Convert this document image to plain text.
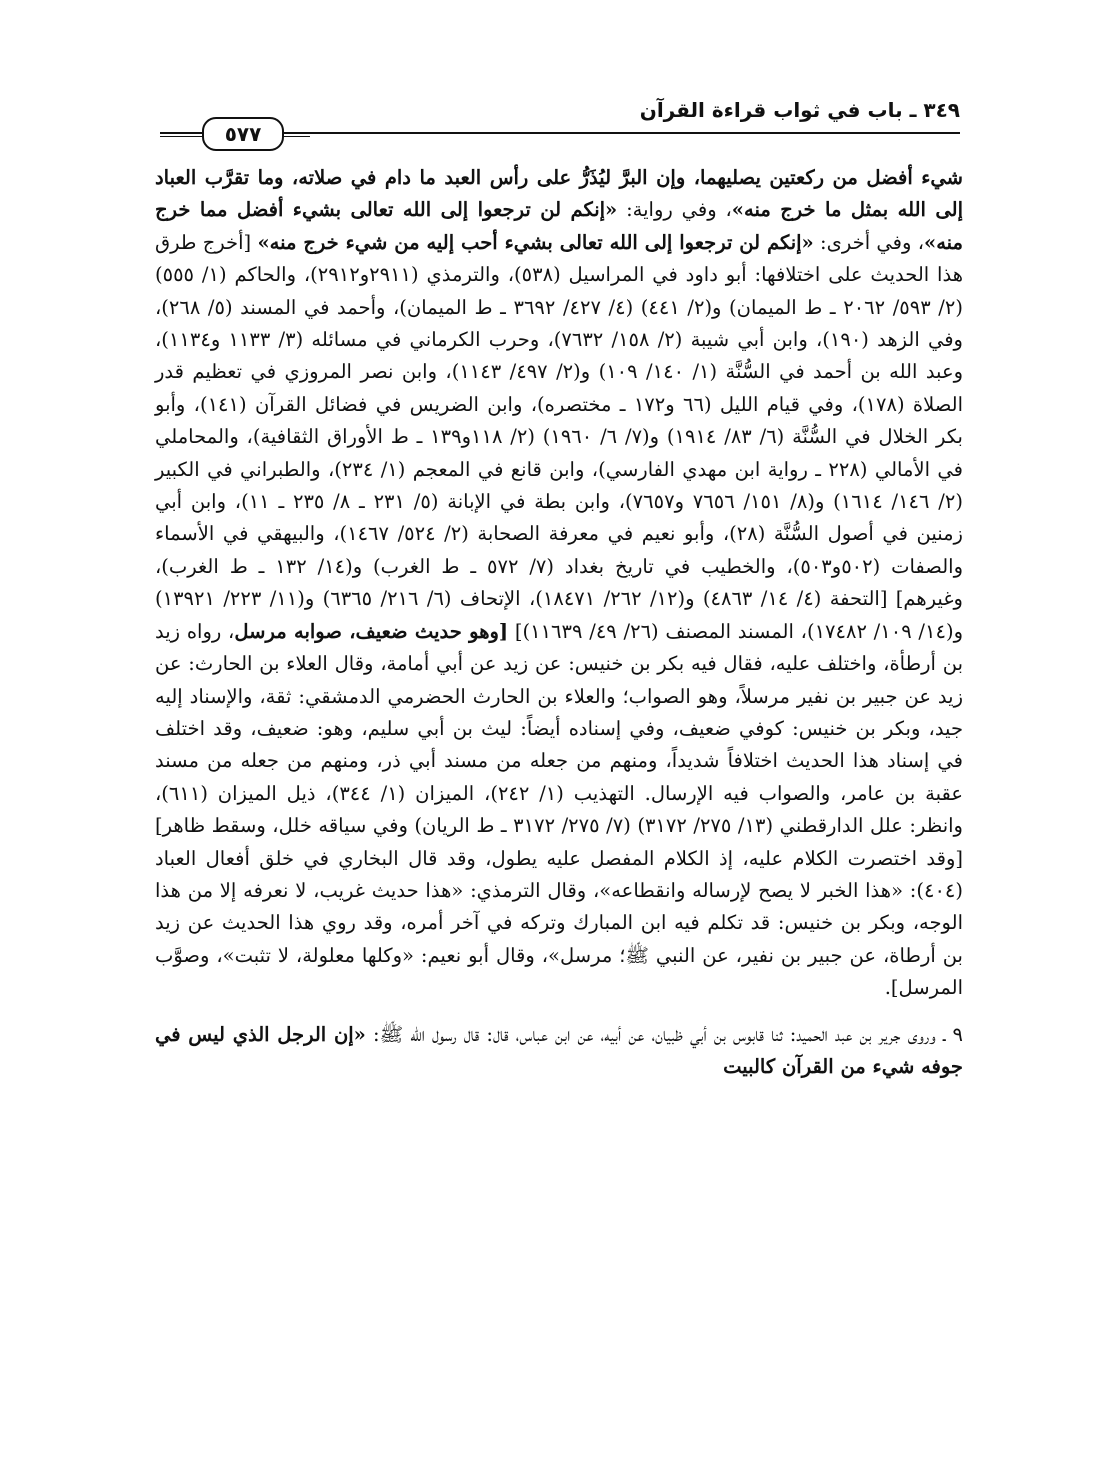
٣٤٩ ـ باب في ثواب قراءة القرآن
٥٧٧

شيء أفضل من ركعتين يصليهما، وإن البرَّ ليُذَرُّ على رأس العبد ما دام في صلاته، وما تقرَّب العباد إلى الله بمثل ما خرج منه»، وفي رواية: «إنكم لن ترجعوا إلى الله تعالى بشيء أفضل مما خرج منه»، وفي أخرى: «إنكم لن ترجعوا إلى الله تعالى بشيء أحب إليه من شيء خرج منه» [أخرج طرق هذا الحديث على اختلافها: أبو داود في المراسيل (٥٣٨)، والترمذي (٢٩١١و٢٩١٢)، والحاكم (١/ ٥٥٥) (٢/ ٥٩٣/ ٢٠٦٢ ـ ط الميمان) و(٢/ ٤٤١) (٤/ ٤٢٧/ ٣٦٩٢ ـ ط الميمان)، وأحمد في المسند (٥/ ٢٦٨)، وفي الزهد (١٩٠)، وابن أبي شيبة (٢/ ١٥٨/ ٧٦٣٢)، وحرب الكرماني في مسائله (٣/ ١١٣٣ و١١٣٤)، وعبد الله بن أحمد في السُّنَّة (١/ ١٤٠/ ١٠٩) و(٢/ ٤٩٧/ ١١٤٣)، وابن نصر المروزي في تعظيم قدر الصلاة (١٧٨)، وفي قيام الليل (٦٦ و١٧٢ ـ مختصره)، وابن الضريس في فضائل القرآن (١٤١)، وأبو بكر الخلال في السُّنَّة (٦/ ٨٣/ ١٩١٤) و(٧/ ٦/ ١٩٦٠) (٢/ ١١٨و١٣٩ ـ ط الأوراق الثقافية)، والمحاملي في الأمالي (٢٢٨ ـ رواية ابن مهدي الفارسي)، وابن قانع في المعجم (١/ ٢٣٤)، والطبراني في الكبير (٢/ ١٤٦/ ١٦١٤) و(٨/ ١٥١/ ٧٦٥٦ و٧٦٥٧)، وابن بطة في الإبانة (٥/ ٢٣١ ـ ٨/ ٢٣٥ ـ ١١)، وابن أبي زمنين في أصول السُّنَّة (٢٨)، وأبو نعيم في معرفة الصحابة (٢/ ٥٢٤/ ١٤٦٧)، والبيهقي في الأسماء والصفات (٥٠٢و٥٠٣)، والخطيب في تاريخ بغداد (٧/ ٥٧٢ ـ ط الغرب) و(١٤/ ١٣٢ ـ ط الغرب)، وغيرهم] [التحفة (٤/ ١٤/ ٤٨٦٣) و(١٢/ ٢٦٢/ ١٨٤٧١)، الإتحاف (٦/ ٢١٦/ ٦٣٦٥) و(١١/ ٢٢٣/ ١٣٩٢١) و(١٤/ ١٠٩/ ١٧٤٨٢)، المسند المصنف (٢٦/ ٤٩/ ١١٦٣٩)] [وهو حديث ضعيف، صوابه مرسل، رواه زيد بن أرطأة، واختلف عليه، فقال فيه بكر بن خنيس: عن زيد عن أبي أمامة، وقال العلاء بن الحارث: عن زيد عن جبير بن نفير مرسلاً، وهو الصواب؛ والعلاء بن الحارث الحضرمي الدمشقي: ثقة، والإسناد إليه جيد، وبكر بن خنيس: كوفي ضعيف، وفي إسناده أيضاً: ليث بن أبي سليم، وهو: ضعيف، وقد اختلف في إسناد هذا الحديث اختلافاً شديداً، ومنهم من جعله من مسند أبي ذر، ومنهم من جعله من مسند عقبة بن عامر، والصواب فيه الإرسال. التهذيب (١/ ٢٤٢)، الميزان (١/ ٣٤٤)، ذيل الميزان (٦١١)، وانظر: علل الدارقطني (١٣/ ٢٧٥/ ٣١٧٢) (٧/ ٢٧٥/ ٣١٧٢ ـ ط الريان) وفي سياقه خلل، وسقط ظاهر] [وقد اختصرت الكلام عليه، إذ الكلام المفصل عليه يطول، وقد قال البخاري في خلق أفعال العباد (٤٠٤): «هذا الخبر لا يصح لإرساله وانقطاعه»، وقال الترمذي: «هذا حديث غريب، لا نعرفه إلا من هذا الوجه، وبكر بن خنيس: قد تكلم فيه ابن المبارك وتركه في آخر أمره، وقد روي هذا الحديث عن زيد بن أرطاة، عن جبير بن نفير، عن النبي ﷺ؛ مرسل»، وقال أبو نعيم: «وكلها معلولة، لا تثبت»، وصوَّب المرسل].

٩ ـ وروى جرير بن عبد الحميد: ثنا قابوس بن أبي ظبيان، عن أبيه، عن ابن عباس، قال: قال رسول الله ﷺ: «إن الرجل الذي ليس في جوفه شيء من القرآن كالبيت
